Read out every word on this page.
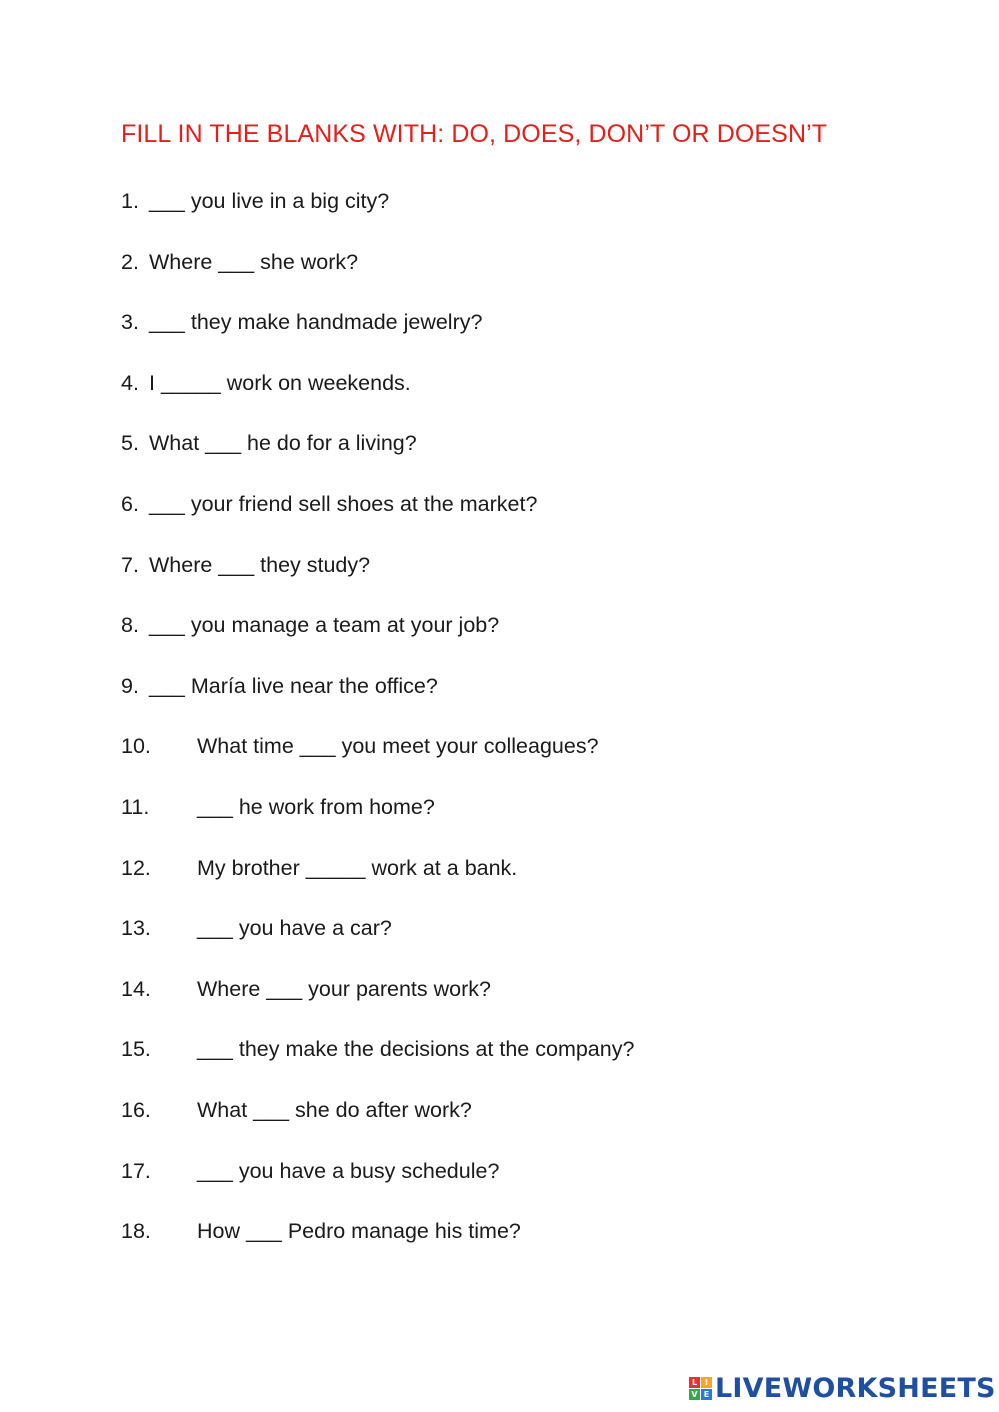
FILL IN THE BLANKS WITH: DO, DOES, DON’T OR DOESN’T
1. ___ you live in a big city?
2. Where ___ she work?
3. ___ they make handmade jewelry?
4. I _____ work on weekends.
5. What ___ he do for a living?
6. ___ your friend sell shoes at the market?
7. Where ___ they study?
8. ___ you manage a team at your job?
9. ___ María live near the office?
10. What time ___ you meet your colleagues?
11. ___ he work from home?
12. My brother _____ work at a bank.
13. ___ you have a car?
14. Where ___ your parents work?
15. ___ they make the decisions at the company?
16. What ___ she do after work?
17. ___ you have a busy schedule?
18. How ___ Pedro manage his time?
L I
V E LIVEWORKSHEETS
